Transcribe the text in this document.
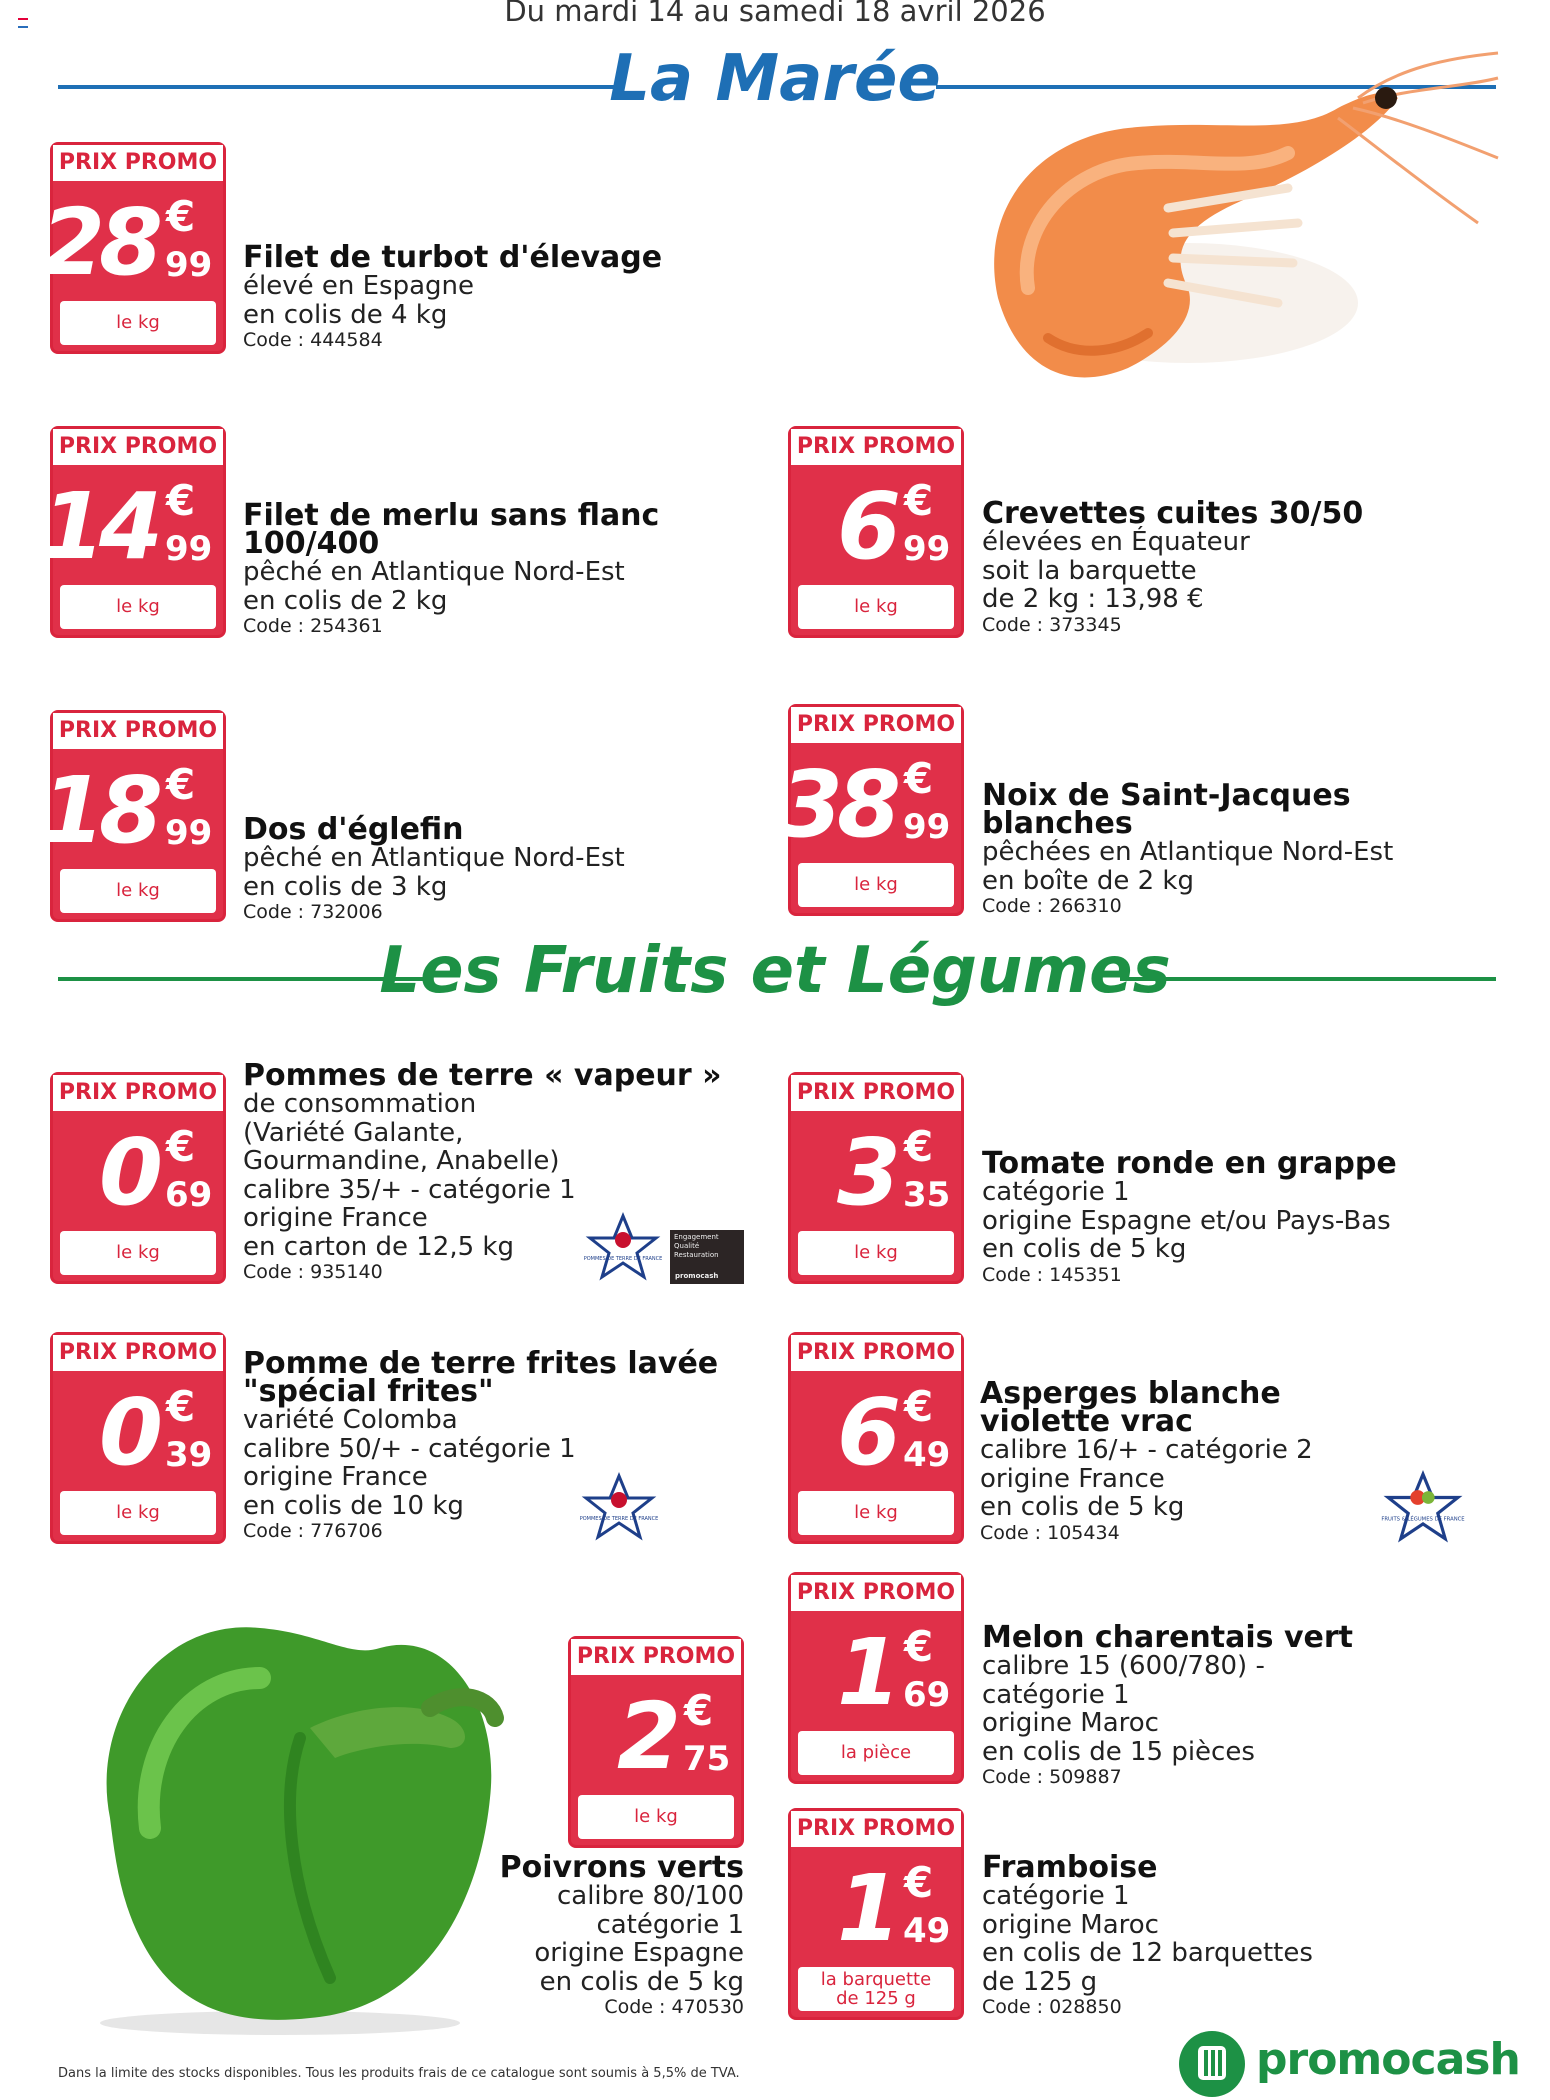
Du mardi 14 au samedi 18 avril 2026
La Marée
PRIX PROMO
28 €
99
le kg
Filet de turbot d'élevage
élevé en Espagne
en colis de 4 kg
Code : 444584
PRIX PROMO
14 €
99
le kg
Filet de merlu sans flanc
100/400
pêché en Atlantique Nord-Est
en colis de 2 kg
Code : 254361
PRIX PROMO
6 €
99
le kg
Crevettes cuites 30/50
élevées en Équateur
soit la barquette
de 2 kg : 13,98 €
Code : 373345
PRIX PROMO
18 €
99
le kg
Dos d'églefin
pêché en Atlantique Nord-Est
en colis de 3 kg
Code : 732006
PRIX PROMO
38 €
99
le kg
Noix de Saint-Jacques
blanches
pêchées en Atlantique Nord-Est
en boîte de 2 kg
Code : 266310
Les Fruits et Légumes
PRIX PROMO
0 €
69
le kg
Pommes de terre « vapeur »
de consommation
(Variété Galante,
Gourmandine, Anabelle)
calibre 35/+ - catégorie 1
origine France
en carton de 12,5 kg
Code : 935140
POMMES DE TERRE DE FRANCE
Engagement
Qualité
Restauration
promocash
PRIX PROMO
3 €
35
le kg
Tomate ronde en grappe
catégorie 1
origine Espagne et/ou Pays-Bas
en colis de 5 kg
Code : 145351
PRIX PROMO
0 €
39
le kg
Pomme de terre frites lavée
"spécial frites"
variété Colomba
calibre 50/+ - catégorie 1
origine France
en colis de 10 kg
Code : 776706
POMMES DE TERRE DE FRANCE
PRIX PROMO
6 €
49
le kg
Asperges blanche
violette vrac
calibre 16/+ - catégorie 2
origine France
en colis de 5 kg
Code : 105434
FRUITS & LÉGUMES DE FRANCE
PRIX PROMO
2 €
75
le kg
Poivrons verts
calibre 80/100
catégorie 1
origine Espagne
en colis de 5 kg
Code : 470530
PRIX PROMO
1 €
69
la pièce
Melon charentais vert
calibre 15 (600/780) -
catégorie 1
origine Maroc
en colis de 15 pièces
Code : 509887
PRIX PROMO
1 €
49
la barquette
de 125 g
Framboise
catégorie 1
origine Maroc
en colis de 12 barquettes
de 125 g
Code : 028850
Dans la limite des stocks disponibles. Tous les produits frais de ce catalogue sont soumis à 5,5% de TVA.	promocash
